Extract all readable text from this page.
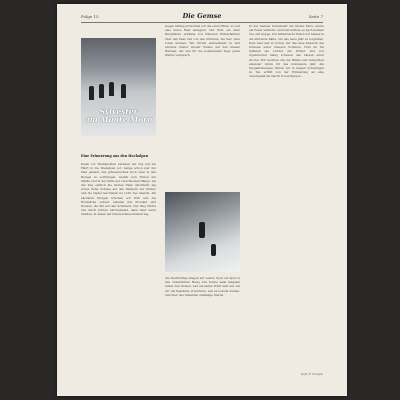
Folge 15	Die Gemse	Seite 7
Sylvester
am Monte Moro
Eine Erinnerung aus den Hochalpen

Kaum vor Weihnachten bereiten wir uns auf die Fahrt in die Westalpen vor. Lange schon war der Plan gefasst, den Jahreswechsel hoch oben in den Bergen zu verbringen, weitab vom Trubel der Städte und in der Stille der verschneiten Hänge. Als der Zug endlich die letzten Täler durchfuhr, lag schon tiefer Schnee auf den Dächern der Dörfer, und die Gipfel leuchteten im Licht des Abends. Am nächsten Morgen brachen wir früh auf, die Rucksäcke schwer beladen mit Proviant und Decken, die Ski auf den Schultern. Der Weg führte uns durch lichten Lärchenwald, dann über weite Mulden, in denen der Pulverschnee knietief lag.

Gegen Mittag erreichten wir die erste Hütte, wo wir eine kurze Rast einlegten. Der Wirt, ein alter Bergführer, erzählte von früheren Winterfahrten über den Pass und von den Stürmen, die hier oben toben können. Wir hörten aufmerksam zu und blickten immer wieder hinaus auf den blauen Himmel, der uns für die kommenden Tage gutes Wetter versprach.

Am Nachmittag stiegen wir weiter, Spur um Spur in den unberührten Hang. Die Sonne sank langsam hinter den Graten, und ein kalter Wind kam auf. Als wir die Passhöhe erreichten, war es bereits dunkel, und über uns funkelten unzählige Sterne.

In der kleinen Unterkunft am Monte Moro wurde ein Feuer entfacht, und bald duftete es nach heißem Tee und Suppe. Um Mitternacht traten wir hinaus in die klirrende Kälte, um das neue Jahr zu begrüßen. Kein Laut war zu hören, nur das leise Knistern des Schnees unter unseren Schuhen. Fern im Tal blinkten die Lichter der Dörfer, und von irgendwoher klang schwach das Läuten einer Glocke. Wir reichten uns die Hände und wünschten einander Glück für das kommende Jahr. Am Neujahrsmorgen fuhren wir in langen Schwüngen zu Tal, erfüllt von der Erinnerung an eine unvergessliche Nacht in den Bergen.

Gefr. F. Trampe
